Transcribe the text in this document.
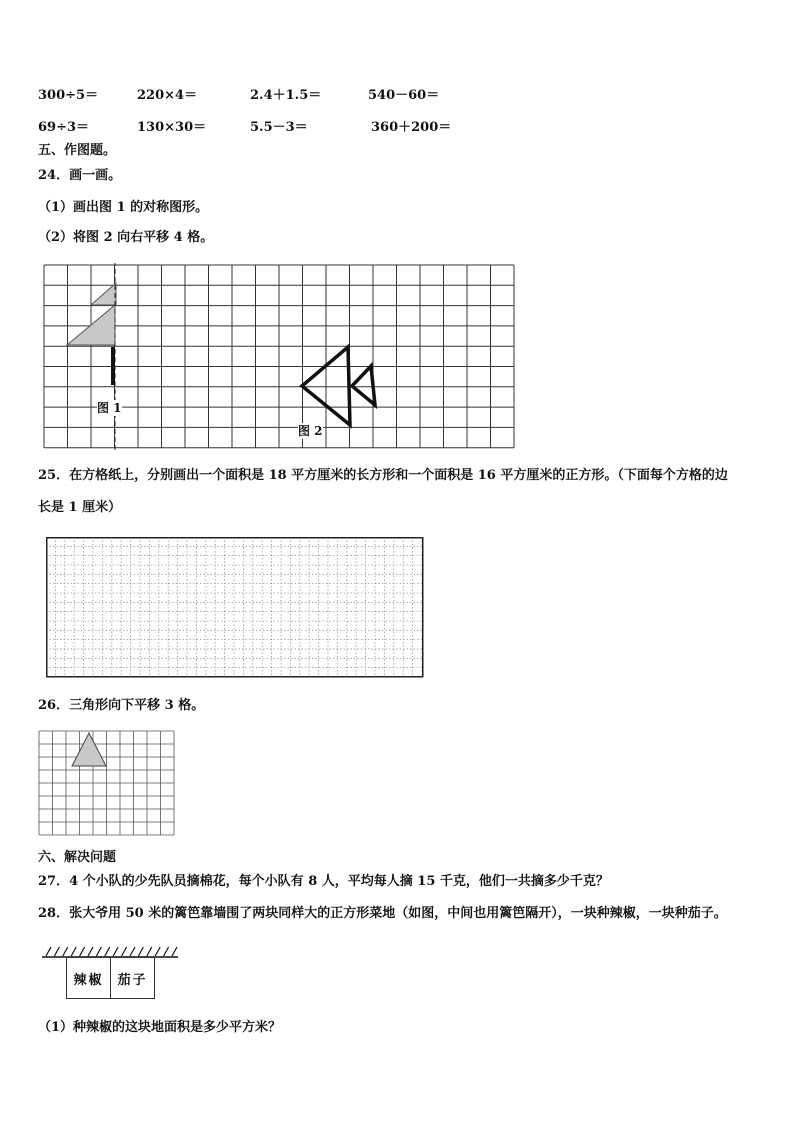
300÷5＝	220×4＝	2.4＋1.5＝	540－60＝
69÷3＝	130×30＝	5.5－3＝	360＋200＝
五、作图题。
24．画一画。
（1）画出图 1 的对称图形。
（2）将图 2 向右平移 4 格。
图 1
图 2
25．在方格纸上，分别画出一个面积是 18 平方厘米的长方形和一个面积是 16 平方厘米的正方形。（下面每个方格的边
长是 1 厘米）
26．三角形向下平移 3 格。
六、解决问题
27．4 个小队的少先队员摘棉花，每个小队有 8 人，平均每人摘 15 千克，他们一共摘多少千克？
28．张大爷用 50 米的篱笆靠墙围了两块同样大的正方形菜地（如图，中间也用篱笆隔开），一块种辣椒，一块种茄子。
辣椒	茄子
（1）种辣椒的这块地面积是多少平方米？
